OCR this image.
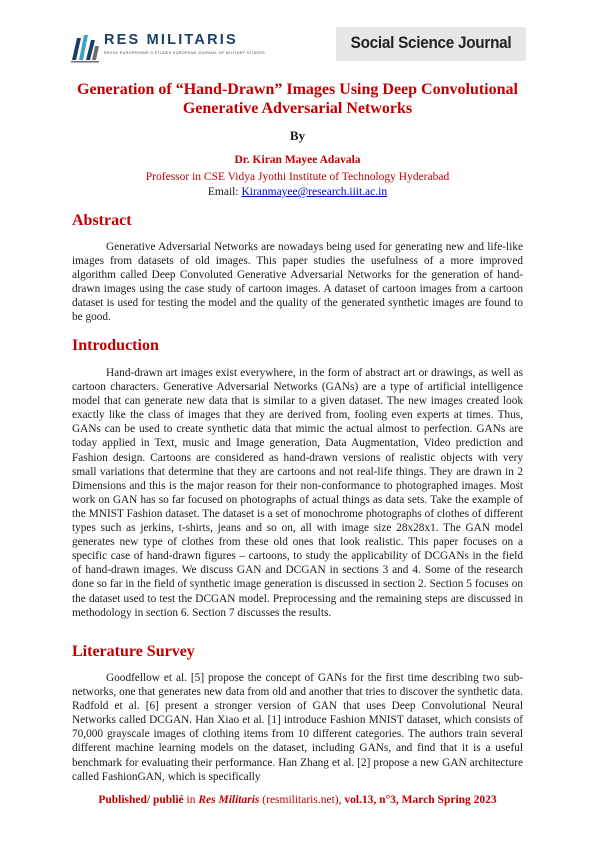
RES MILITARIS
REVUE EUROPEENNE D ETUDES EUROPEAN JOURNAL OF MILITARY STUDIES
Social Science Journal
Generation of “Hand-Drawn” Images Using Deep Convolutional Generative Adversarial Networks
By
Dr. Kiran Mayee Adavala
Professor in CSE Vidya Jyothi Institute of Technology Hyderabad
Email: Kiranmayee@research.iiit.ac.in
Abstract

Generative Adversarial Networks are nowadays being used for generating new and life-like images from datasets of old images. This paper studies the usefulness of a more improved algorithm called Deep Convoluted Generative Adversarial Networks for the generation of hand-drawn images using the case study of cartoon images. A dataset of cartoon images from a cartoon dataset is used for testing the model and the quality of the generated synthetic images are found to be good.

Introduction

Hand-drawn art images exist everywhere, in the form of abstract art or drawings, as well as cartoon characters. Generative Adversarial Networks (GANs) are a type of artificial intelligence model that can generate new data that is similar to a given dataset. The new images created look exactly like the class of images that they are derived from, fooling even experts at times. Thus, GANs can be used to create synthetic data that mimic the actual almost to perfection. GANs are today applied in Text, music and Image generation, Data Augmentation, Video prediction and Fashion design. Cartoons are considered as hand-drawn versions of realistic objects with very small variations that determine that they are cartoons and not real-life things. They are drawn in 2 Dimensions and this is the major reason for their non-conformance to photographed images. Most work on GAN has so far focused on photographs of actual things as data sets. Take the example of the MNIST Fashion dataset. The dataset is a set of monochrome photographs of clothes of different types such as jerkins, t-shirts, jeans and so on, all with image size 28x28x1. The GAN model generates new type of clothes from these old ones that look realistic. This paper focuses on a specific case of hand-drawn figures – cartoons, to study the applicability of DCGANs in the field of hand-drawn images. We discuss GAN and DCGAN in sections 3 and 4. Some of the research done so far in the field of synthetic image generation is discussed in section 2. Section 5 focuses on the dataset used to test the DCGAN model. Preprocessing and the remaining steps are discussed in methodology in section 6. Section 7 discusses the results.

Literature Survey

Goodfellow et al. [5] propose the concept of GANs for the first time describing two sub-networks, one that generates new data from old and another that tries to discover the synthetic data. Radfold et al. [6] present a stronger version of GAN that uses Deep Convolutional Neural Networks called DCGAN. Han Xiao et al. [1] introduce Fashion MNIST dataset, which consists of 70,000 grayscale images of clothing items from 10 different categories. The authors train several different machine learning models on the dataset, including GANs, and find that it is a useful benchmark for evaluating their performance. Han Zhang et al. [2] propose a new GAN architecture called FashionGAN, which is specifically

Published/ publié in Res Militaris (resmilitaris.net), vol.13, n°3, March Spring 2023
